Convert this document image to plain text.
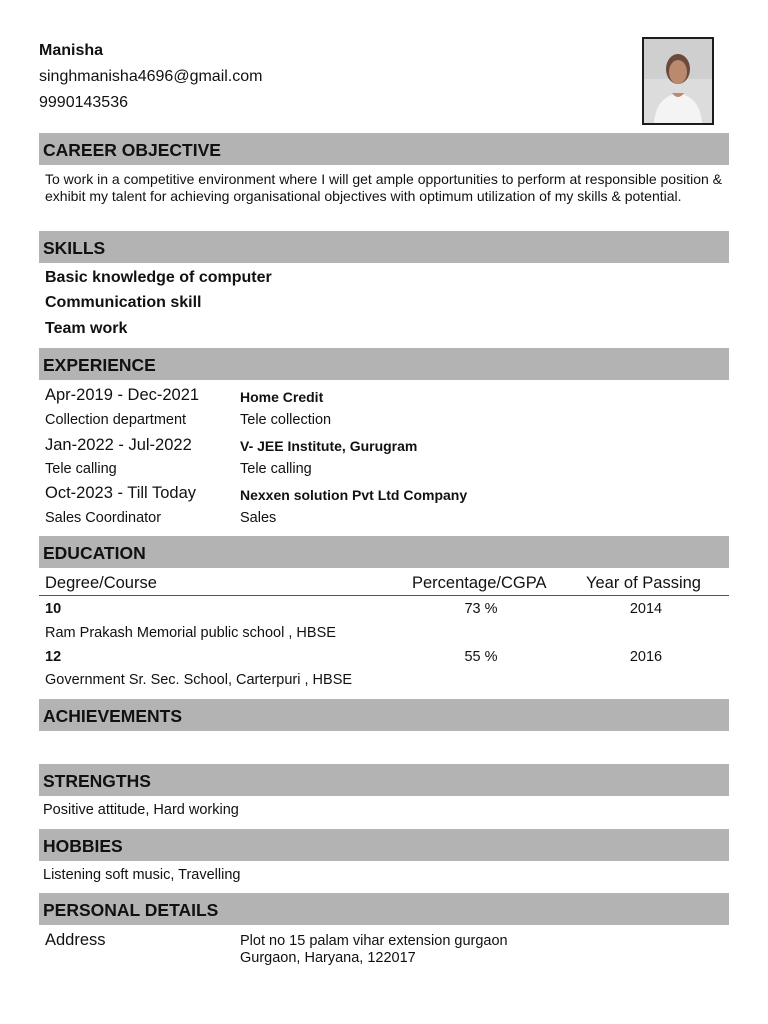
Manisha
singhmanisha4696@gmail.com
9990143536
CAREER OBJECTIVE
To work in a competitive environment where I will get ample opportunities to perform at responsible position & exhibit my talent for achieving organisational objectives with optimum utilization of my skills & potential.
SKILLS
Basic knowledge of computer
Communication skill
Team work
EXPERIENCE
Apr-2019 - Dec-2021	Home Credit
Collection department	Tele collection
Jan-2022 - Jul-2022	V- JEE Institute, Gurugram
Tele calling	Tele calling
Oct-2023 - Till Today	Nexxen solution Pvt Ltd Company
Sales Coordinator	Sales
EDUCATION
Degree/Course	Percentage/CGPA Year of Passing
10	73 %	2014
Ram Prakash Memorial public school , HBSE
12	55 %	2016
Government Sr. Sec. School, Carterpuri , HBSE
ACHIEVEMENTS
STRENGTHS
Positive attitude, Hard working
HOBBIES
Listening soft music, Travelling
PERSONAL DETAILS
Address	Plot no 15 palam vihar extension gurgaon
Gurgaon, Haryana, 122017
